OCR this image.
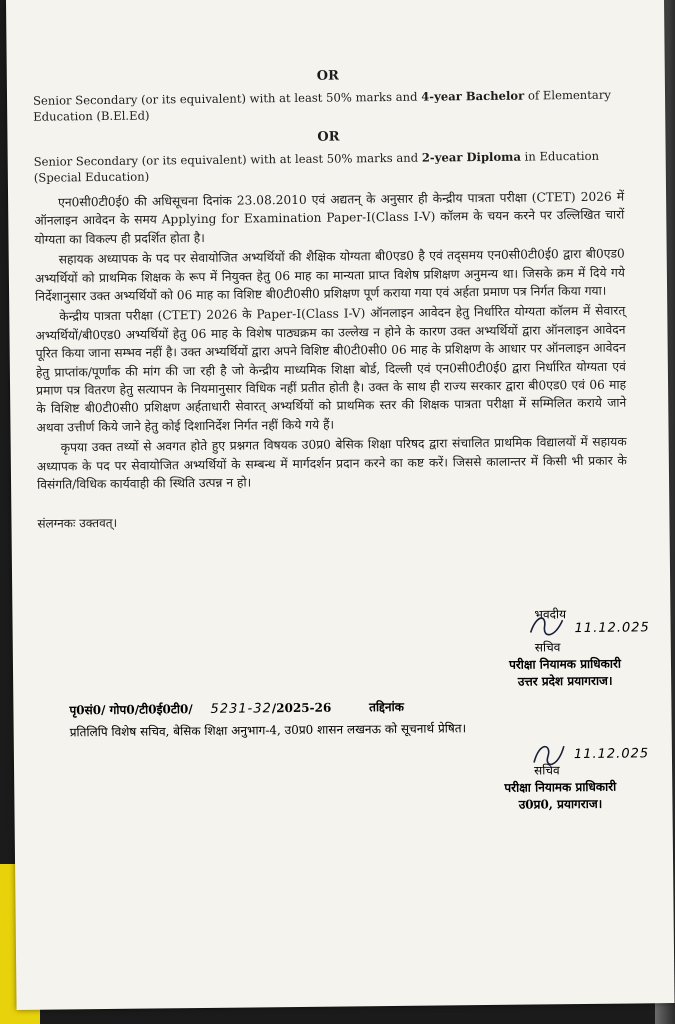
OR

Senior Secondary (or its equivalent) with at least 50% marks and 4-year Bachelor of Elementary Education (B.El.Ed)

OR

Senior Secondary (or its equivalent) with at least 50% marks and 2-year Diploma in Education (Special Education)

एन0सी0टी0ई0 की अधिसूचना दिनांक 23.08.2010 एवं अद्यतन् के अनुसार ही केन्द्रीय पात्रता परीक्षा (CTET) 2026 में ऑनलाइन आवेदन के समय Applying for Examination Paper-I(Class I-V) कॉलम के चयन करने पर उल्लिखित चारों योग्यता का विकल्प ही प्रदर्शित होता है।

सहायक अध्यापक के पद पर सेवायोजित अभ्यर्थियों की शैक्षिक योग्यता बी0एड0 है एवं तद्समय एन0सी0टी0ई0 द्वारा बी0एड0 अभ्यर्थियों को प्राथमिक शिक्षक के रूप में नियुक्त हेतु 06 माह का मान्यता प्राप्त विशेष प्रशिक्षण अनुमन्य था। जिसके क्रम में दिये गये निर्देशानुसार उक्त अभ्यर्थियों को 06 माह का विशिष्ट बी0टी0सी0 प्रशिक्षण पूर्ण कराया गया एवं अर्हता प्रमाण पत्र निर्गत किया गया।

केन्द्रीय पात्रता परीक्षा (CTET) 2026 के Paper-I(Class I-V) ऑनलाइन आवेदन हेतु निर्धारित योग्यता कॉलम में सेवारत् अभ्यर्थियों/बी0एड0 अभ्यर्थियों हेतु 06 माह के विशेष पाठ्यक्रम का उल्लेख न होने के कारण उक्त अभ्यर्थियों द्वारा ऑनलाइन आवेदन पूरित किया जाना सम्भव नहीं है। उक्त अभ्यर्थियों द्वारा अपने विशिष्ट बी0टी0सी0 06 माह के प्रशिक्षण के आधार पर ऑनलाइन आवेदन हेतु प्राप्तांक/पूर्णांक की मांग की जा रही है जो केन्द्रीय माध्यमिक शिक्षा बोर्ड, दिल्ली एवं एन0सी0टी0ई0 द्वारा निर्धारित योग्यता एवं प्रमाण पत्र वितरण हेतु सत्यापन के नियमानुसार विधिक नहीं प्रतीत होती है। उक्त के साथ ही राज्य सरकार द्वारा बी0एड0 एवं 06 माह के विशिष्ट बी0टी0सी0 प्रशिक्षण अर्हताधारी सेवारत् अभ्यर्थियों को प्राथमिक स्तर की शिक्षक पात्रता परीक्षा में सम्मिलित कराये जाने अथवा उत्तीर्ण किये जाने हेतु कोई दिशानिर्देश निर्गत नहीं किये गये हैं।

कृपया उक्त तथ्यों से अवगत होते हुए प्रश्नगत विषयक उ0प्र0 बेसिक शिक्षा परिषद द्वारा संचालित प्राथमिक विद्यालयों में सहायक अध्यापक के पद पर सेवायोजित अभ्यर्थियों के सम्बन्ध में मार्गदर्शन प्रदान करने का कष्ट करें। जिससे कालान्तर में किसी भी प्रकार के विसंगति/विधिक कार्यवाही की स्थिति उत्पन्न न हो।

संलग्नकः उक्तवत्।
भवदीय
11.12.025
सचिव
परीक्षा नियामक प्राधिकारी
उत्तर प्रदेश प्रयागराज।
पृ0सं0/ गोप0/टी0ई0टी0/ 5231-32/2025-26	तद्दिनांक
प्रतिलिपि विशेष सचिव, बेसिक शिक्षा अनुभाग-4, उ0प्र0 शासन लखनऊ को सूचनार्थ प्रेषित।
11.12.025
सचिव
परीक्षा नियामक प्राधिकारी
उ0प्र0, प्रयागराज।
